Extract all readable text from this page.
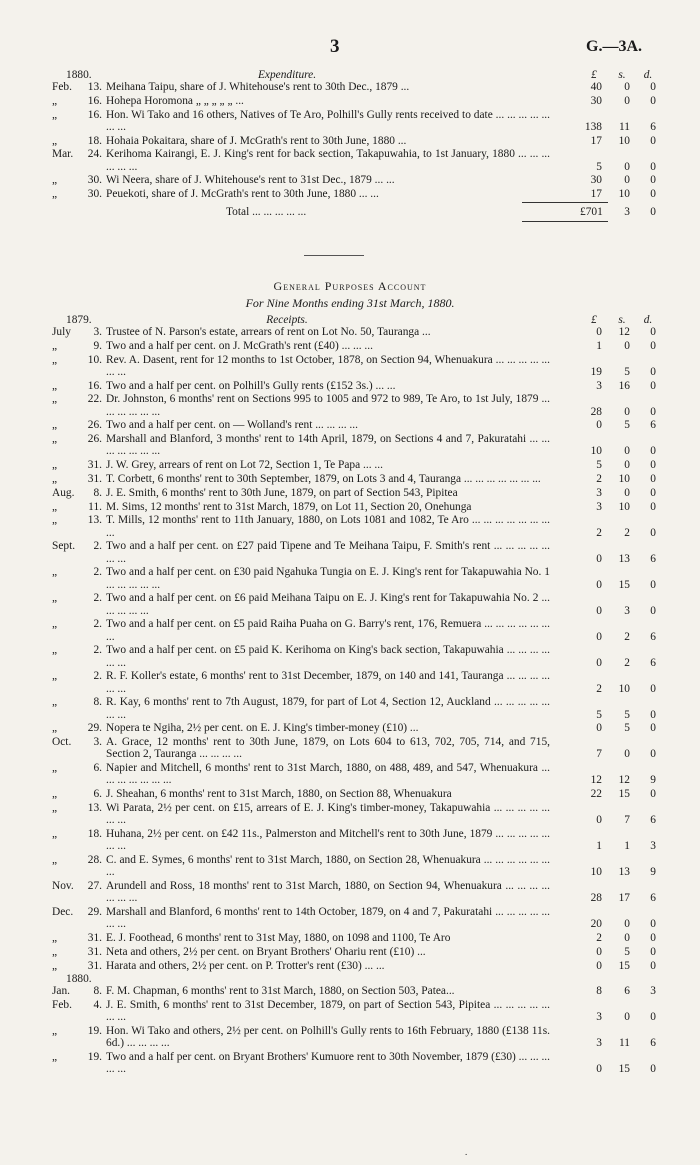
3	G.—3A.
1880.	Expenditure.	£	s.	d.
Feb.	13. Meihana Taipu, share of J. Whitehouse's rent to 30th Dec., 1879 ...	40	0	0
„	16. Hohepa Horomona „ „ „ „ „ ...	30	0	0
„	16. Hon. Wi Tako and 16 others, Natives of Te Aro, Polhill's Gully rents received to date ... ... ... ... ... ... ...	138	11	6
„	18. Hohaia Pokaitara, share of J. McGrath's rent to 30th June, 1880 ...	17	10	0
Mar.	24. Kerihoma Kairangi, E. J. King's rent for back section, Takapuwahia, to 1st January, 1880 ... ... ... ... ... ...	5	0	0
„	30. Wi Neera, share of J. Whitehouse's rent to 31st Dec., 1879 ... ...	30	0	0
„	30. Peuekoti, share of J. McGrath's rent to 30th June, 1880 ... ...	17	10	0
Total ... ... ... ... ...	£701	3	0
General Purposes Account
For Nine Months ending 31st March, 1880.
1879.	Receipts.	£	s.	d.
July	3. Trustee of N. Parson's estate, arrears of rent on Lot No. 50, Tauranga ...	0	12	0
„	9. Two and a half per cent. on J. McGrath's rent (£40) ... ... ...	1	0	0
„	10. Rev. A. Dasent, rent for 12 months to 1st October, 1878, on Section 94, Whenuakura ... ... ... ... ... ... ...	19	5	0
„	16. Two and a half per cent. on Polhill's Gully rents (£152 3s.) ... ...	3	16	0
„	22. Dr. Johnston, 6 months' rent on Sections 995 to 1005 and 972 to 989, Te Aro, to 1st July, 1879 ... ... ... ... ... ...	28	0	0
„	26. Two and a half per cent. on — Wolland's rent ... ... ... ...	0	5	6
„	26. Marshall and Blanford, 3 months' rent to 14th April, 1879, on Sections 4 and 7, Pakuratahi ... ... ... ... ... ... ...	10	0	0
„	31. J. W. Grey, arrears of rent on Lot 72, Section 1, Te Papa ... ...	5	0	0
„	31. T. Corbett, 6 months' rent to 30th September, 1879, on Lots 3 and 4, Tauranga ... ... ... ... ... ... ...	2	10	0
Aug.	8. J. E. Smith, 6 months' rent to 30th June, 1879, on part of Section 543, Pipitea	3	0	0
„	11. M. Sims, 12 months' rent to 31st March, 1879, on Lot 11, Section 20, Onehunga	3	10	0
„	13. T. Mills, 12 months' rent to 11th January, 1880, on Lots 1081 and 1082, Te Aro ... ... ... ... ... ... ... ...	2	2	0
Sept.	2. Two and a half per cent. on £27 paid Tipene and Te Meihana Taipu, F. Smith's rent ... ... ... ... ... ... ...	0	13	6
„	2. Two and a half per cent. on £30 paid Ngahuka Tungia on E. J. King's rent for Takapuwahia No. 1 ... ... ... ... ...	0	15	0
„	2. Two and a half per cent. on £6 paid Meihana Taipu on E. J. King's rent for Takapuwahia No. 2 ... ... ... ... ...	0	3	0
„	2. Two and a half per cent. on £5 paid Raiha Puaha on G. Barry's rent, 176, Remuera ... ... ... ... ... ... ...	0	2	6
„	2. Two and a half per cent. on £5 paid K. Kerihoma on King's back section, Takapuwahia ... ... ... ... ... ...	0	2	6
„	2. R. F. Koller's estate, 6 months' rent to 31st December, 1879, on 140 and 141, Tauranga ... ... ... ... ... ...	2	10	0
„	8. R. Kay, 6 months' rent to 7th August, 1879, for part of Lot 4, Section 12, Auckland ... ... ... ... ... ... ...	5	5	0
„	29. Nopera te Ngiha, 2½ per cent. on E. J. King's timber-money (£10) ...	0	5	0
Oct.	3. A. Grace, 12 months' rent to 30th June, 1879, on Lots 604 to 613, 702, 705, 714, and 715, Section 2, Tauranga ... ... ... ...	7	0	0
„	6. Napier and Mitchell, 6 months' rent to 31st March, 1880, on 488, 489, and 547, Whenuakura ... ... ... ... ... ... ...	12	12	9
„	6. J. Sheahan, 6 months' rent to 31st March, 1880, on Section 88, Whenuakura	22	15	0
„	13. Wi Parata, 2½ per cent. on £15, arrears of E. J. King's timber-money, Takapuwahia ... ... ... ... ... ... ...	0	7	6
„	18. Huhana, 2½ per cent. on £42 11s., Palmerston and Mitchell's rent to 30th June, 1879 ... ... ... ... ... ... ...	1	1	3
„	28. C. and E. Symes, 6 months' rent to 31st March, 1880, on Section 28, Whenuakura ... ... ... ... ... ... ...	10	13	9
Nov.	27. Arundell and Ross, 18 months' rent to 31st March, 1880, on Section 94, Whenuakura ... ... ... ... ... ... ...	28	17	6
Dec.	29. Marshall and Blanford, 6 months' rent to 14th October, 1879, on 4 and 7, Pakuratahi ... ... ... ... ... ... ...	20	0	0
„	31. E. J. Foothead, 6 months' rent to 31st May, 1880, on 1098 and 1100, Te Aro	2	0	0
„	31. Neta and others, 2½ per cent. on Bryant Brothers' Ohariu rent (£10) ...	0	5	0
„	31. Harata and others, 2½ per cent. on P. Trotter's rent (£30) ... ...	0	15	0
1880.
Jan.	8. F. M. Chapman, 6 months' rent to 31st March, 1880, on Section 503, Patea...	8	6	3
Feb.	4. J. E. Smith, 6 months' rent to 31st December, 1879, on part of Section 543, Pipitea ... ... ... ... ... ... ...	3	0	0
„	19. Hon. Wi Tako and others, 2½ per cent. on Polhill's Gully rents to 16th February, 1880 (£138 11s. 6d.) ... ... ... ...	3	11	6
„	19. Two and a half per cent. on Bryant Brothers' Kumuore rent to 30th November, 1879 (£30) ... ... ... ... ...	0	15	0
.
